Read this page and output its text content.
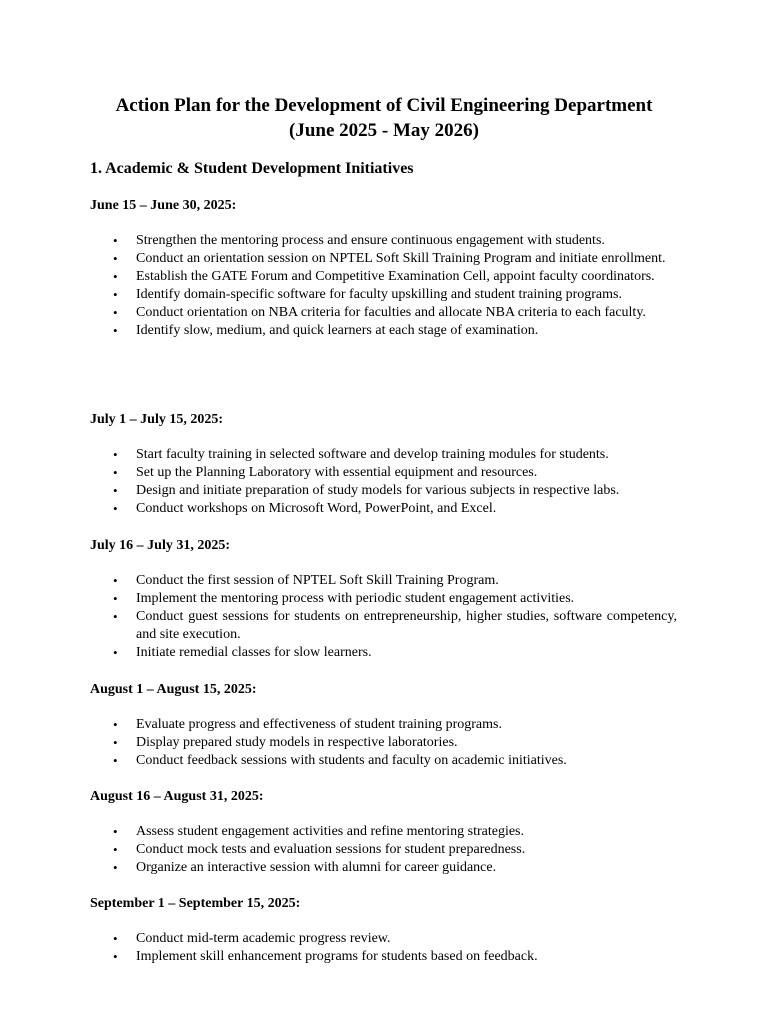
Action Plan for the Development of Civil Engineering Department
(June 2025 - May 2026)
1. Academic & Student Development Initiatives

June 15 – June 30, 2025:

• Strengthen the mentoring process and ensure continuous engagement with students.
• Conduct an orientation session on NPTEL Soft Skill Training Program and initiate enrollment.
• Establish the GATE Forum and Competitive Examination Cell, appoint faculty coordinators.
• Identify domain-specific software for faculty upskilling and student training programs.
• Conduct orientation on NBA criteria for faculties and allocate NBA criteria to each faculty.
• Identify slow, medium, and quick learners at each stage of examination.

July 1 – July 15, 2025:

• Start faculty training in selected software and develop training modules for students.
• Set up the Planning Laboratory with essential equipment and resources.
• Design and initiate preparation of study models for various subjects in respective labs.
• Conduct workshops on Microsoft Word, PowerPoint, and Excel.

July 16 – July 31, 2025:

• Conduct the first session of NPTEL Soft Skill Training Program.
• Implement the mentoring process with periodic student engagement activities.
• Conduct guest sessions for students on entrepreneurship, higher studies, software competency, and site execution.
• Initiate remedial classes for slow learners.

August 1 – August 15, 2025:

• Evaluate progress and effectiveness of student training programs.
• Display prepared study models in respective laboratories.
• Conduct feedback sessions with students and faculty on academic initiatives.

August 16 – August 31, 2025:

• Assess student engagement activities and refine mentoring strategies.
• Conduct mock tests and evaluation sessions for student preparedness.
• Organize an interactive session with alumni for career guidance.

September 1 – September 15, 2025:

• Conduct mid-term academic progress review.
• Implement skill enhancement programs for students based on feedback.
